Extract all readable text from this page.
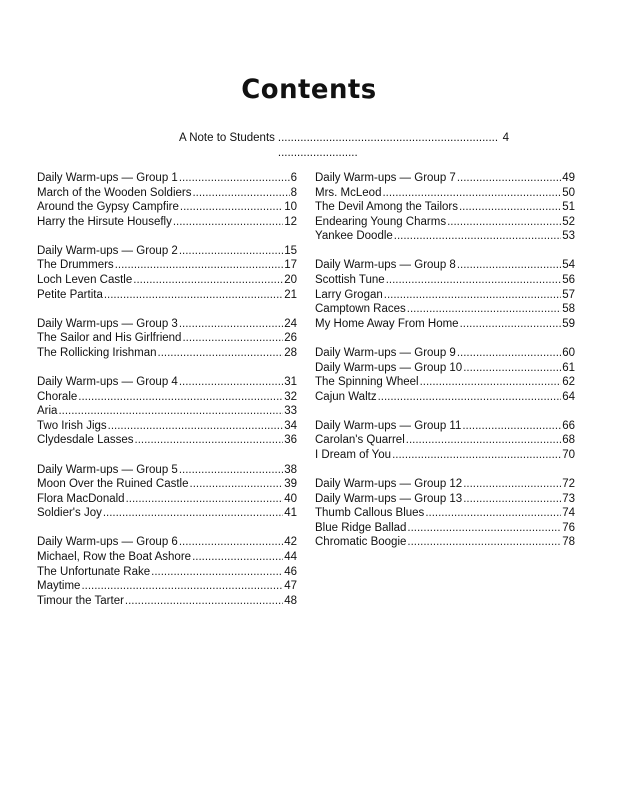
Contents
A Note to Students . . .	4
Daily Warm-ups — Group 1 . . .	6
March of the Wooden Soldiers . . .	8
Around the Gypsy Campfire . . .	10
Harry the Hirsute Housefly . . .	12
Daily Warm-ups — Group 2 . . .	15
The Drummers . . .	17
Loch Leven Castle . . .	20
Petite Partita . . .	21
Daily Warm-ups — Group 3 . . .	24
The Sailor and His Girlfriend . . .	26
The Rollicking Irishman . . .	28
Daily Warm-ups — Group 4 . . .	31
Chorale . . .	32
Aria . . .	33
Two Irish Jigs . . .	34
Clydesdale Lasses . . .	36
Daily Warm-ups — Group 5 . . .	38
Moon Over the Ruined Castle . . .	39
Flora MacDonald . . .	40
Soldier's Joy . . .	41
Daily Warm-ups — Group 6 . . .	42
Michael, Row the Boat Ashore . . .	44
The Unfortunate Rake . . .	46
Maytime . . .	47
Timour the Tarter . . .	48
Daily Warm-ups — Group 7 . . .	49
Mrs. McLeod . . .	50
The Devil Among the Tailors . . .	51
Endearing Young Charms . . .	52
Yankee Doodle . . .	53
Daily Warm-ups — Group 8 . . .	54
Scottish Tune . . .	56
Larry Grogan . . .	57
Camptown Races . . .	58
My Home Away From Home . . .	59
Daily Warm-ups — Group 9 . . .	60
Daily Warm-ups — Group 10 . . .	61
The Spinning Wheel . . .	62
Cajun Waltz . . .	64
Daily Warm-ups — Group 11 . . .	66
Carolan's Quarrel . . .	68
I Dream of You . . .	70
Daily Warm-ups — Group 12 . . .	72
Daily Warm-ups — Group 13 . . .	73
Thumb Callous Blues . . .	74
Blue Ridge Ballad . . .	76
Chromatic Boogie . . .	78
